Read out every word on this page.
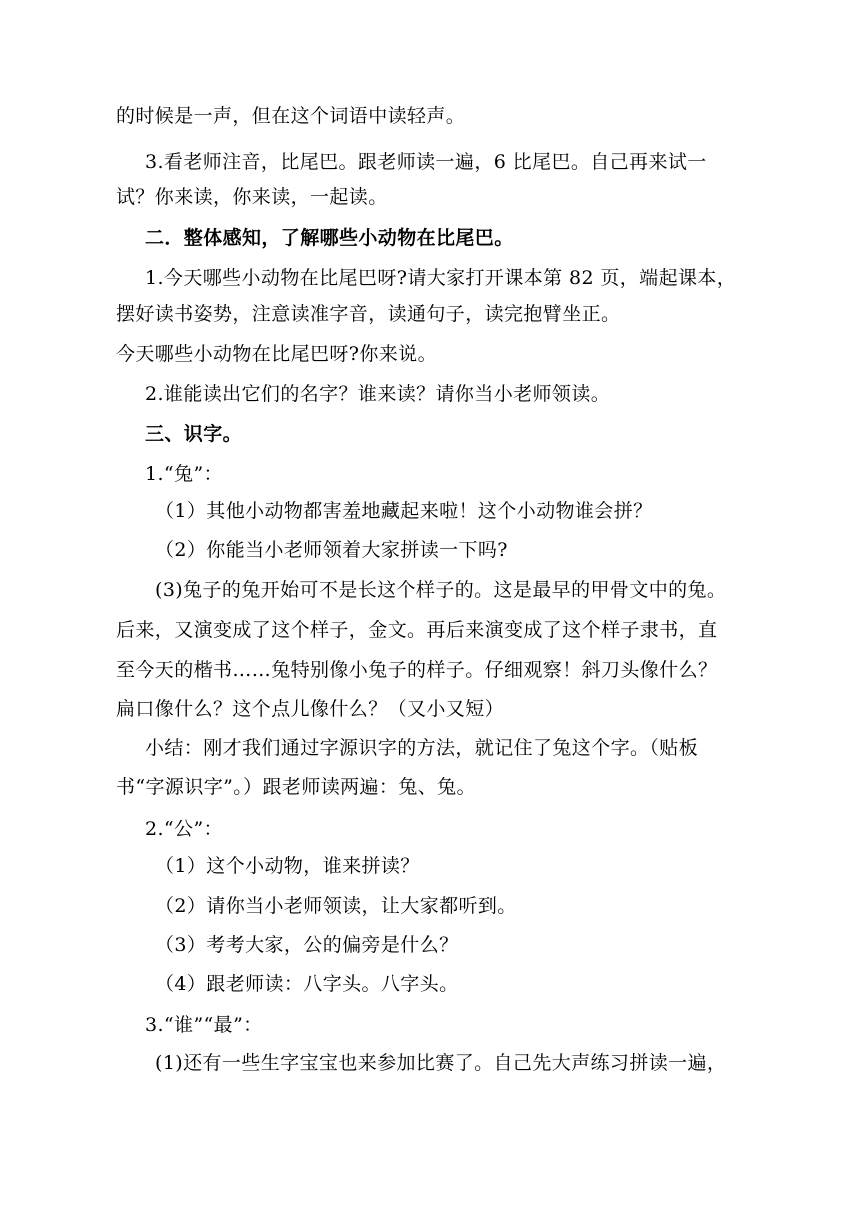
的时候是一声，但在这个词语中读轻声。
3.看老师注音，比尾巴。跟老师读一遍，6 比尾巴。自己再来试一
试？你来读，你来读，一起读。
二．整体感知，了解哪些小动物在比尾巴。
1.今天哪些小动物在比尾巴呀?请大家打开课本第 82 页，端起课本，
摆好读书姿势，注意读准字音，读通句子，读完抱臂坐正。
今天哪些小动物在比尾巴呀?你来说。
2.谁能读出它们的名字？谁来读？请你当小老师领读。
三、识字。
1.“兔”：
（1）其他小动物都害羞地藏起来啦！这个小动物谁会拼？
（2）你能当小老师领着大家拼读一下吗?
(3)兔子的兔开始可不是长这个样子的。这是最早的甲骨文中的兔。
后来，又演变成了这个样子，金文。再后来演变成了这个样子隶书，直
至今天的楷书……兔特别像小兔子的样子。仔细观察！斜刀头像什么？
扁口像什么？这个点儿像什么？（又小又短）
小结：刚才我们通过字源识字的方法，就记住了兔这个字。（贴板
书“字源识字”。）跟老师读两遍：兔、兔。
2.“公”：
（1）这个小动物，谁来拼读？
（2）请你当小老师领读，让大家都听到。
（3）考考大家，公的偏旁是什么？
（4）跟老师读：八字头。八字头。
3.“谁”“最”：
(1)还有一些生字宝宝也来参加比赛了。自己先大声练习拼读一遍，
